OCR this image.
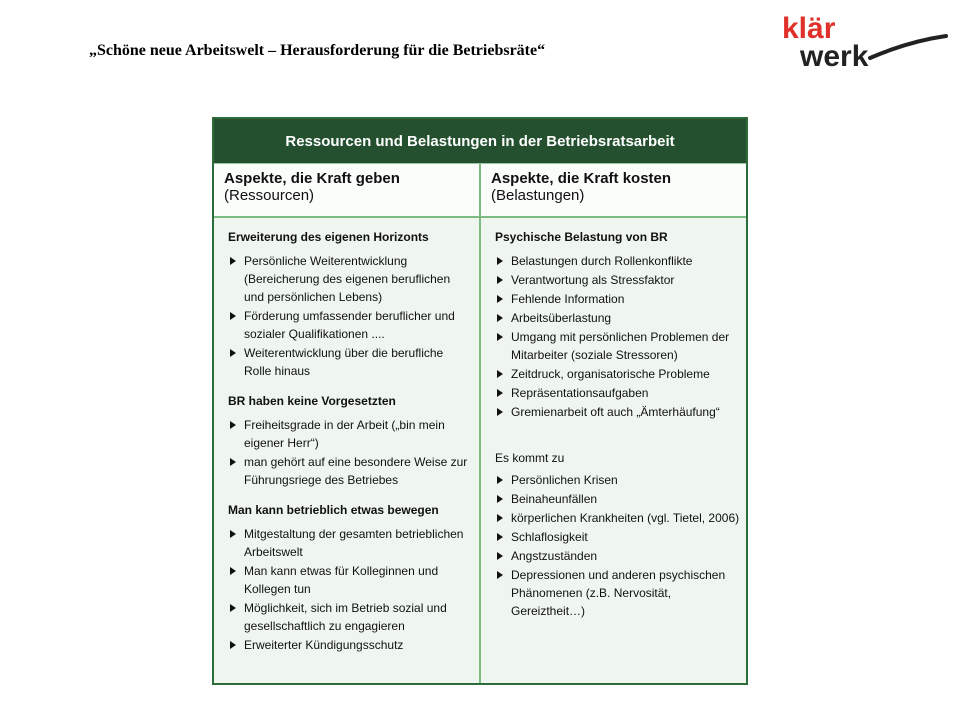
„Schöne neue Arbeitswelt – Herausforderung für die Betriebsräte“
klär
werk
Ressourcen und Belastungen in der Betriebsratsarbeit
Aspekte, die Kraft geben
(Ressourcen)
Aspekte, die Kraft kosten
(Belastungen)
Erweiterung des eigenen Horizonts
Persönliche Weiterentwicklung (Bereicherung des eigenen beruflichen und persönlichen Lebens)
Förderung umfassender beruflicher und sozialer Qualifikationen ....
Weiterentwicklung über die berufliche Rolle hinaus
BR haben keine Vorgesetzten
Freiheitsgrade in der Arbeit („bin mein eigener Herr“)
man gehört auf eine besondere Weise zur Führungsriege des Betriebes
Man kann betrieblich etwas bewegen
Mitgestaltung der gesamten betrieblichen Arbeitswelt
Man kann etwas für Kolleginnen und Kollegen tun
Möglichkeit, sich im Betrieb sozial und gesellschaftlich zu engagieren
Erweiterter Kündigungsschutz
Psychische Belastung von BR
Belastungen durch Rollenkonflikte
Verantwortung als Stressfaktor
Fehlende Information
Arbeitsüberlastung
Umgang mit persönlichen Problemen der Mitarbeiter (soziale Stressoren)
Zeitdruck, organisatorische Probleme
Repräsentationsaufgaben
Gremienarbeit oft auch „Ämterhäufung“
Es kommt zu
Persönlichen Krisen
Beinaheunfällen
körperlichen Krankheiten (vgl. Tietel, 2006)
Schlaflosigkeit
Angstzuständen
Depressionen und anderen psychischen Phänomenen (z.B. Nervosität, Gereiztheit…)
